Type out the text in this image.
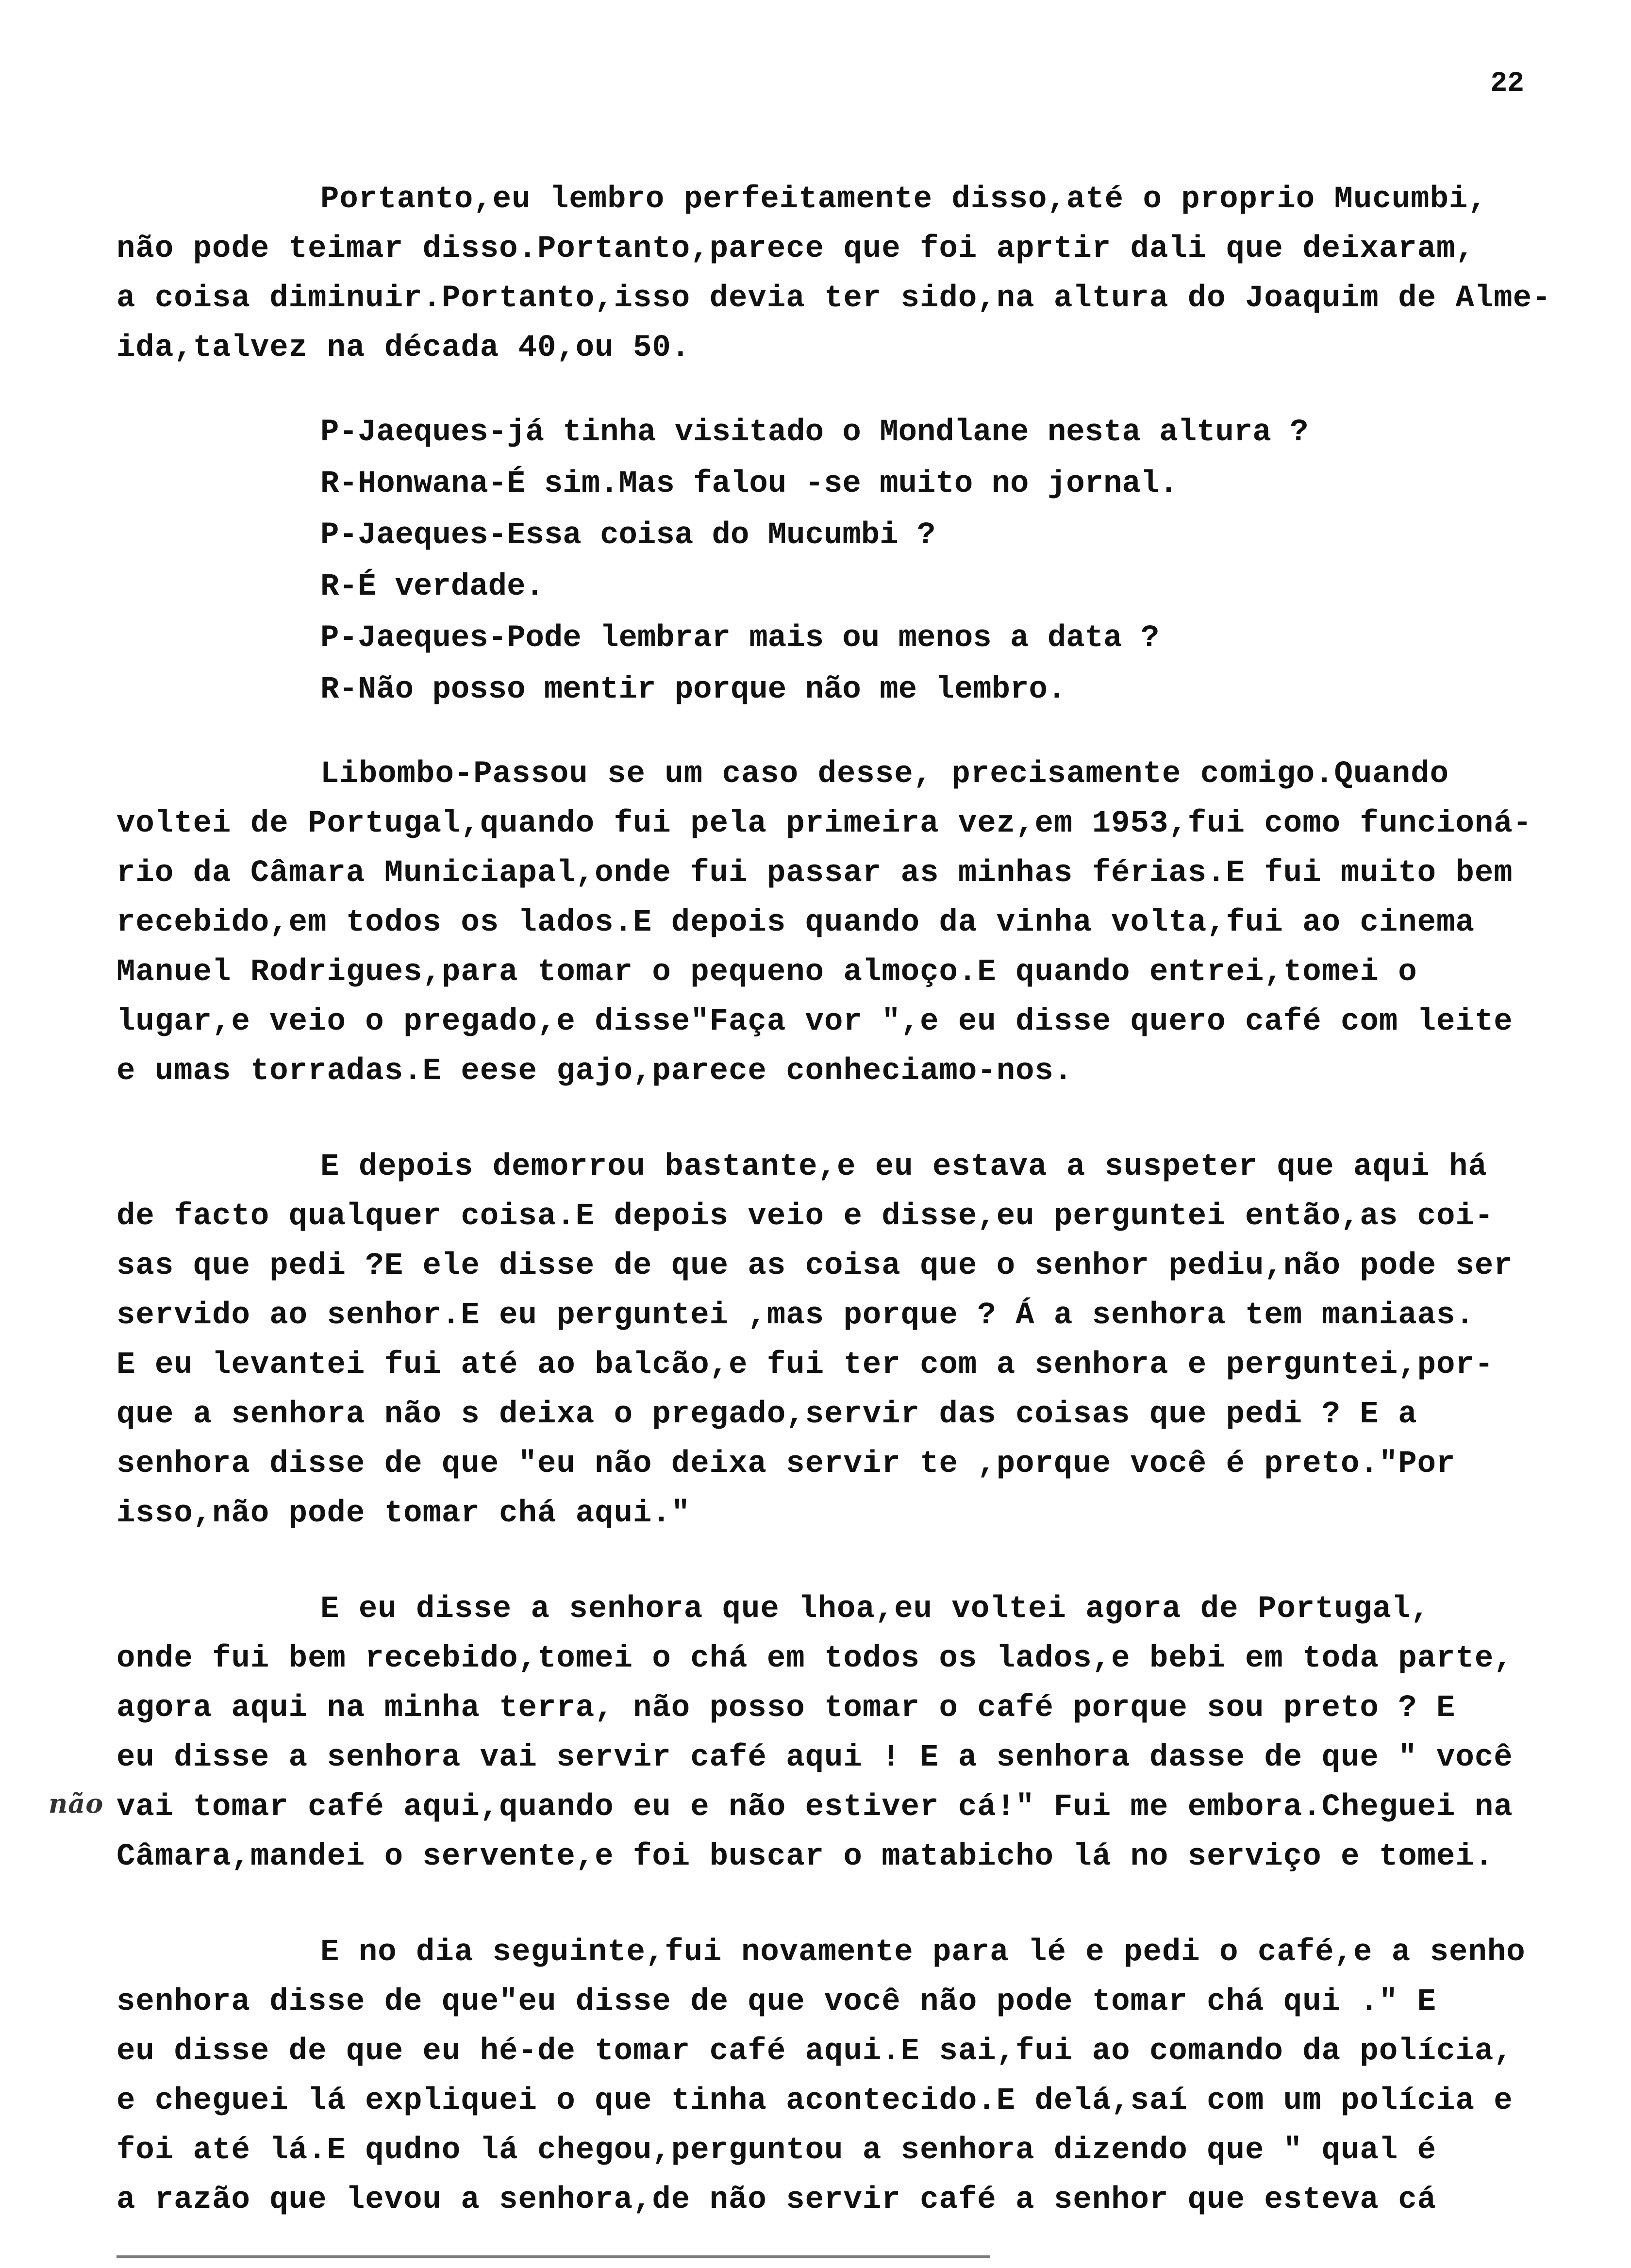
22
Portanto,eu lembro perfeitamente disso,até o proprio Mucumbi,
não pode teimar disso.Portanto,parece que foi aprtir dali que deixaram,
a coisa diminuir.Portanto,isso devia ter sido,na altura do Joaquim de Alme-
ida,talvez na década 40,ou 50.
P-Jaeques-já tinha visitado o Mondlane nesta altura ?
R-Honwana-É sim.Mas falou -se muito no jornal.
P-Jaeques-Essa coisa do Mucumbi ?
R-É verdade.
P-Jaeques-Pode lembrar mais ou menos a data ?
R-Não posso mentir porque não me lembro.
Libombo-Passou se um caso desse, precisamente comigo.Quando
voltei de Portugal,quando fui pela primeira vez,em 1953,fui como funcioná-
rio da Câmara Municiapal,onde fui passar as minhas férias.E fui muito bem
recebido,em todos os lados.E depois quando da vinha volta,fui ao cinema
Manuel Rodrigues,para tomar o pequeno almoço.E quando entrei,tomei o
lugar,e veio o pregado,e disse"Faça vor ",e eu disse quero café com leite
e umas torradas.E eese gajo,parece conheciamo-nos.
E depois demorrou bastante,e eu estava a suspeter que aqui há
de facto qualquer coisa.E depois veio e disse,eu perguntei então,as coi-
sas que pedi ?E ele disse de que as coisa que o senhor pediu,não pode ser
servido ao senhor.E eu perguntei ,mas porque ? Á a senhora tem maniaas.
E eu levantei fui até ao balcão,e fui ter com a senhora e perguntei,por-
que a senhora não s deixa o pregado,servir das coisas que pedi ? E a
senhora disse de que "eu não deixa servir te ,porque você é preto."Por
isso,não pode tomar chá aqui."
E eu disse a senhora que lhoa,eu voltei agora de Portugal,
onde fui bem recebido,tomei o chá em todos os lados,e bebi em toda parte,
agora aqui na minha terra, não posso tomar o café porque sou preto ? E
eu disse a senhora vai servir café aqui ! E a senhora dasse de que " você
vai tomar café aqui,quando eu e não estiver cá!" Fui me embora.Cheguei na
Câmara,mandei o servente,e foi buscar o matabicho lá no serviço e tomei.
não
E no dia seguinte,fui novamente para lé e pedi o café,e a senho
senhora disse de que"eu disse de que você não pode tomar chá qui ." E
eu disse de que eu hé-de tomar café aqui.E sai,fui ao comando da polícia,
e cheguei lá expliquei o que tinha acontecido.E delá,saí com um polícia e
foi até lá.E qudno lá chegou,perguntou a senhora dizendo que " qual é
a razão que levou a senhora,de não servir café a senhor que esteva cá
